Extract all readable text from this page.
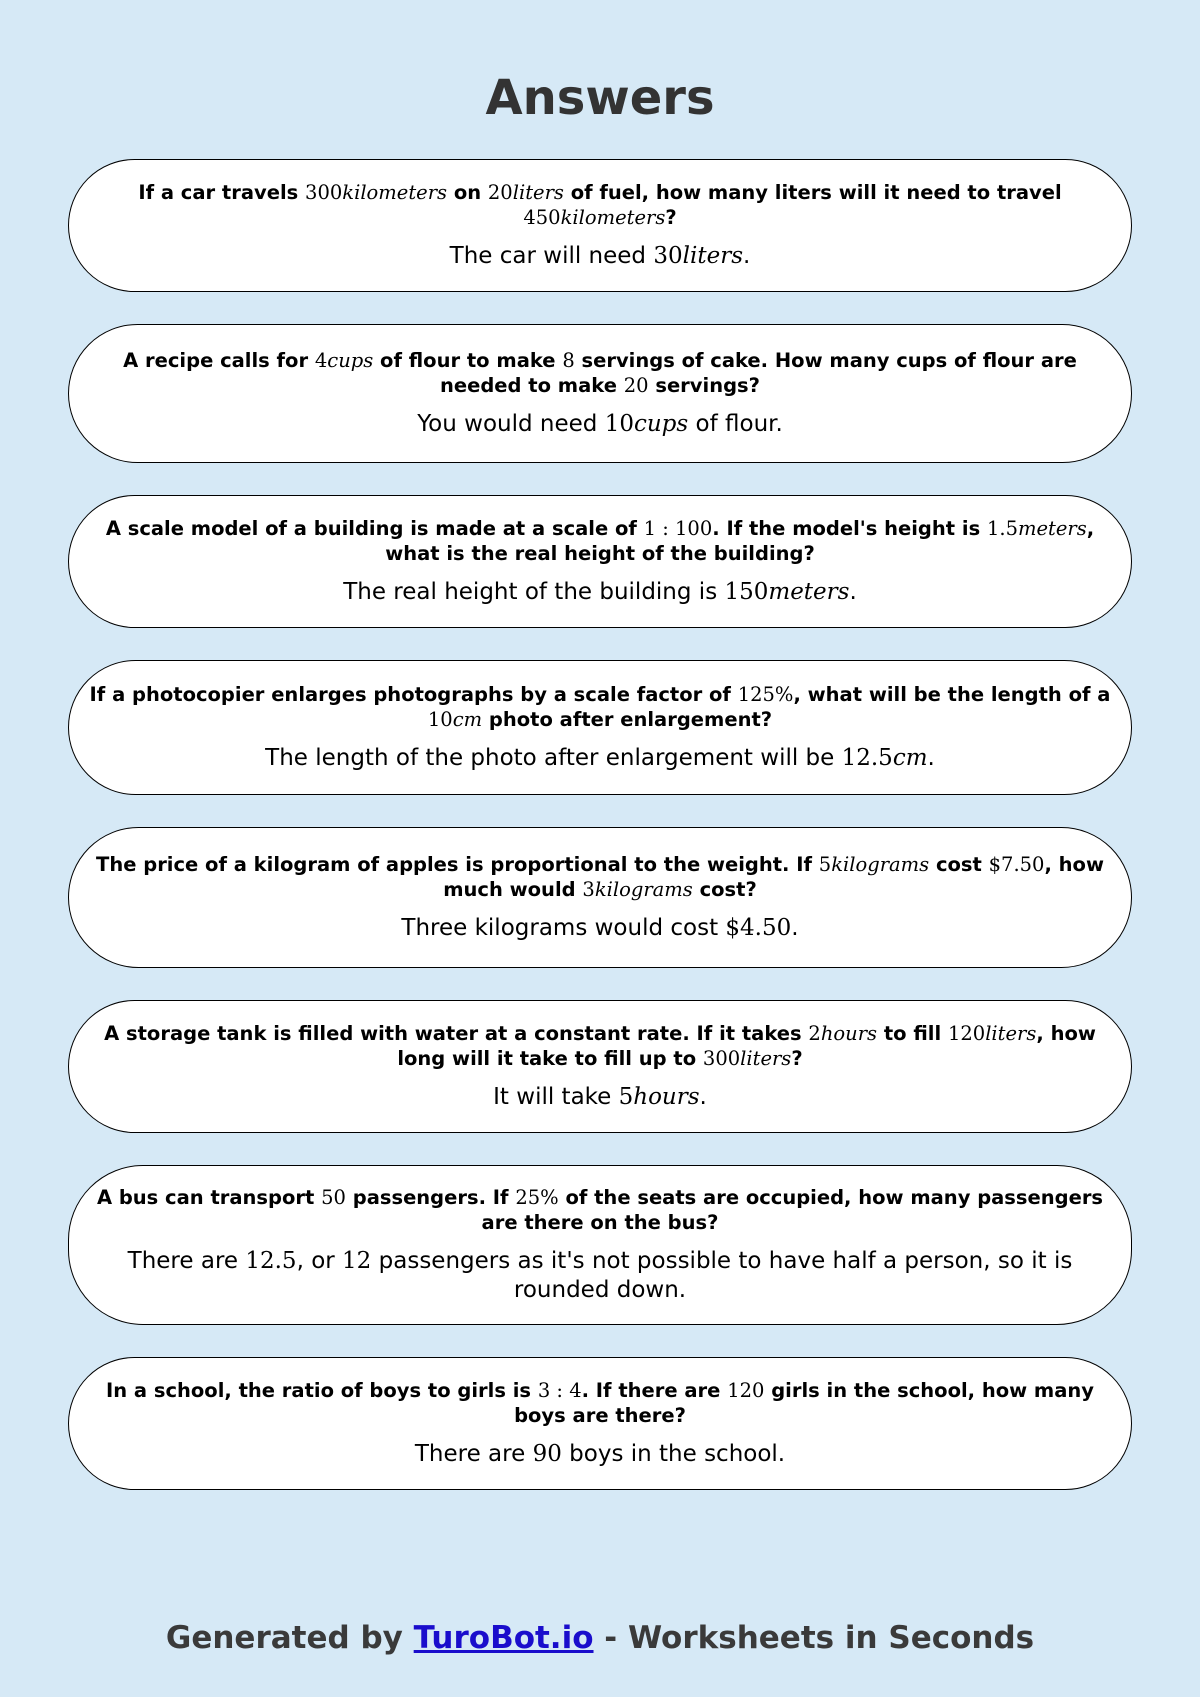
Answers

If a car travels 300kilometers on 20liters of fuel, how many liters will it need to travel 450kilometers?

The car will need 30liters.

A recipe calls for 4cups of flour to make 8 servings of cake. How many cups of flour are needed to make 20 servings?

You would need 10cups of flour.

A scale model of a building is made at a scale of 1 : 100. If the model's height is 1.5meters, what is the real height of the building?

The real height of the building is 150meters.

If a photocopier enlarges photographs by a scale factor of 125%, what will be the length of a 10cm photo after enlargement?

The length of the photo after enlargement will be 12.5cm.

The price of a kilogram of apples is proportional to the weight. If 5kilograms cost $7.50, how much would 3kilograms cost?

Three kilograms would cost $4.50.

A storage tank is filled with water at a constant rate. If it takes 2hours to fill 120liters, how long will it take to fill up to 300liters?

It will take 5hours.

A bus can transport 50 passengers. If 25% of the seats are occupied, how many passengers are there on the bus?

There are 12.5, or 12 passengers as it's not possible to have half a person, so it is rounded down.

In a school, the ratio of boys to girls is 3 : 4. If there are 120 girls in the school, how many boys are there?

There are 90 boys in the school.

Generated by TuroBot.io - Worksheets in Seconds
